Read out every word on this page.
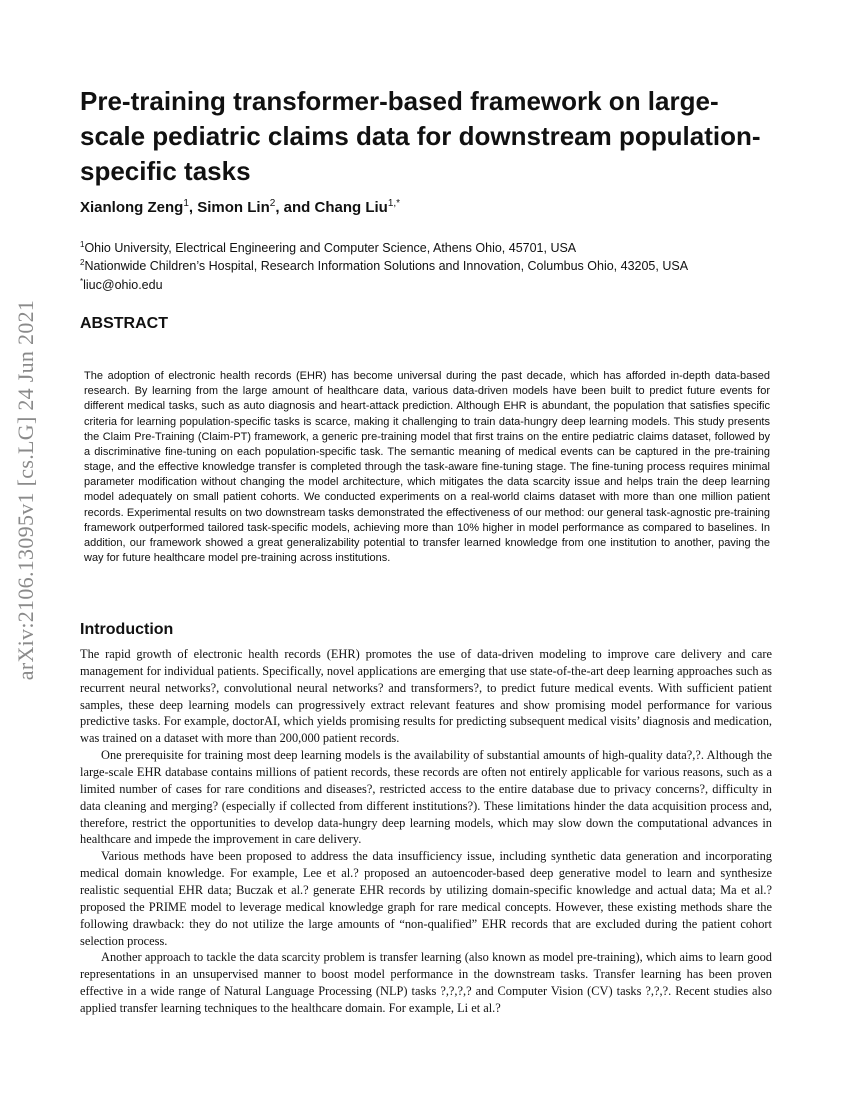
arXiv:2106.13095v1 [cs.LG] 24 Jun 2021
Pre-training transformer-based framework on large-scale pediatric claims data for downstream population-specific tasks
Xianlong Zeng$^1$, Simon Lin$^2$, and Chang Liu$^{1,*}$
$^1$Ohio University, Electrical Engineering and Computer Science, Athens Ohio, 45701, USA
$^2$Nationwide Children’s Hospital, Research Information Solutions and Innovation, Columbus Ohio, 43205, USA
*liuc@ohio.edu
ABSTRACT

The adoption of electronic health records (EHR) has become universal during the past decade, which has afforded in-depth data-based research. By learning from the large amount of healthcare data, various data-driven models have been built to predict future events for different medical tasks, such as auto diagnosis and heart-attack prediction. Although EHR is abundant, the population that satisfies specific criteria for learning population-specific tasks is scarce, making it challenging to train data-hungry deep learning models. This study presents the Claim Pre-Training (Claim-PT) framework, a generic pre-training model that first trains on the entire pediatric claims dataset, followed by a discriminative fine-tuning on each population-specific task. The semantic meaning of medical events can be captured in the pre-training stage, and the effective knowledge transfer is completed through the task-aware fine-tuning stage. The fine-tuning process requires minimal parameter modification without changing the model architecture, which mitigates the data scarcity issue and helps train the deep learning model adequately on small patient cohorts. We conducted experiments on a real-world claims dataset with more than one million patient records. Experimental results on two downstream tasks demonstrated the effectiveness of our method: our general task-agnostic pre-training framework outperformed tailored task-specific models, achieving more than 10% higher in model performance as compared to baselines. In addition, our framework showed a great generalizability potential to transfer learned knowledge from one institution to another, paving the way for future healthcare model pre-training across institutions.

Introduction

The rapid growth of electronic health records (EHR) promotes the use of data-driven modeling to improve care delivery and care management for individual patients. Specifically, novel applications are emerging that use state-of-the-art deep learning approaches such as recurrent neural networks?, convolutional neural networks? and transformers?, to predict future medical events. With sufficient patient samples, these deep learning models can progressively extract relevant features and show promising model performance for various predictive tasks. For example, doctorAI, which yields promising results for predicting subsequent medical visits’ diagnosis and medication, was trained on a dataset with more than 200,000 patient records.

One prerequisite for training most deep learning models is the availability of substantial amounts of high-quality data?,?. Although the large-scale EHR database contains millions of patient records, these records are often not entirely applicable for various reasons, such as a limited number of cases for rare conditions and diseases?, restricted access to the entire database due to privacy concerns?, difficulty in data cleaning and merging? (especially if collected from different institutions?). These limitations hinder the data acquisition process and, therefore, restrict the opportunities to develop data-hungry deep learning models, which may slow down the computational advances in healthcare and impede the improvement in care delivery.

Various methods have been proposed to address the data insufficiency issue, including synthetic data generation and incorporating medical domain knowledge. For example, Lee et al.? proposed an autoencoder-based deep generative model to learn and synthesize realistic sequential EHR data; Buczak et al.? generate EHR records by utilizing domain-specific knowledge and actual data; Ma et al.? proposed the PRIME model to leverage medical knowledge graph for rare medical concepts. However, these existing methods share the following drawback: they do not utilize the large amounts of “non-qualified” EHR records that are excluded during the patient cohort selection process.

Another approach to tackle the data scarcity problem is transfer learning (also known as model pre-training), which aims to learn good representations in an unsupervised manner to boost model performance in the downstream tasks. Transfer learning has been proven effective in a wide range of Natural Language Processing (NLP) tasks ?,?,?,? and Computer Vision (CV) tasks ?,?,?. Recent studies also applied transfer learning techniques to the healthcare domain. For example, Li et al.?
